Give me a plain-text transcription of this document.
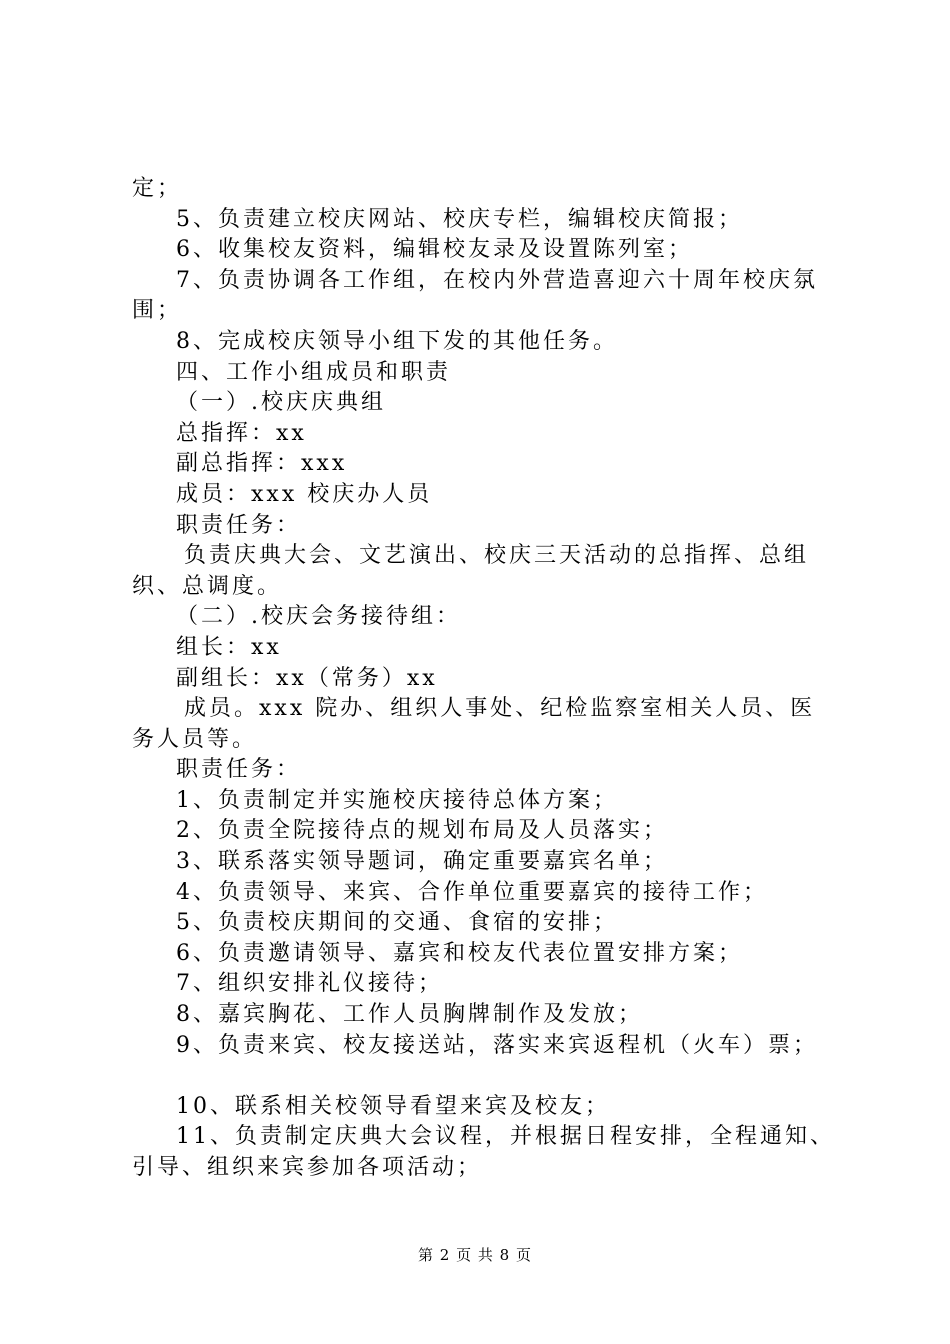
定；

5、负责建立校庆网站、校庆专栏，编辑校庆简报；

6、收集校友资料，编辑校友录及设置陈列室；

7、负责协调各工作组，在校内外营造喜迎六十周年校庆氛

围；

8、完成校庆领导小组下发的其他任务。

四、工作小组成员和职责

（一）.校庆庆典组

总指挥：xx

副总指挥：xxx

成员：xxx 校庆办人员

职责任务：

负责庆典大会、文艺演出、校庆三天活动的总指挥、总组

织、总调度。

（二）.校庆会务接待组：

组长：xx

副组长：xx（常务）xx

成员。xxx 院办、组织人事处、纪检监察室相关人员、医

务人员等。

职责任务：

1、负责制定并实施校庆接待总体方案；

2、负责全院接待点的规划布局及人员落实；

3、联系落实领导题词，确定重要嘉宾名单；

4、负责领导、来宾、合作单位重要嘉宾的接待工作；

5、负责校庆期间的交通、食宿的安排；

6、负责邀请领导、嘉宾和校友代表位置安排方案；

7、组织安排礼仪接待；

8、嘉宾胸花、工作人员胸牌制作及发放；

9、负责来宾、校友接送站，落实来宾返程机（火车）票；

10、联系相关校领导看望来宾及校友；

11、负责制定庆典大会议程，并根据日程安排，全程通知、

引导、组织来宾参加各项活动；

第 2 页 共 8 页
